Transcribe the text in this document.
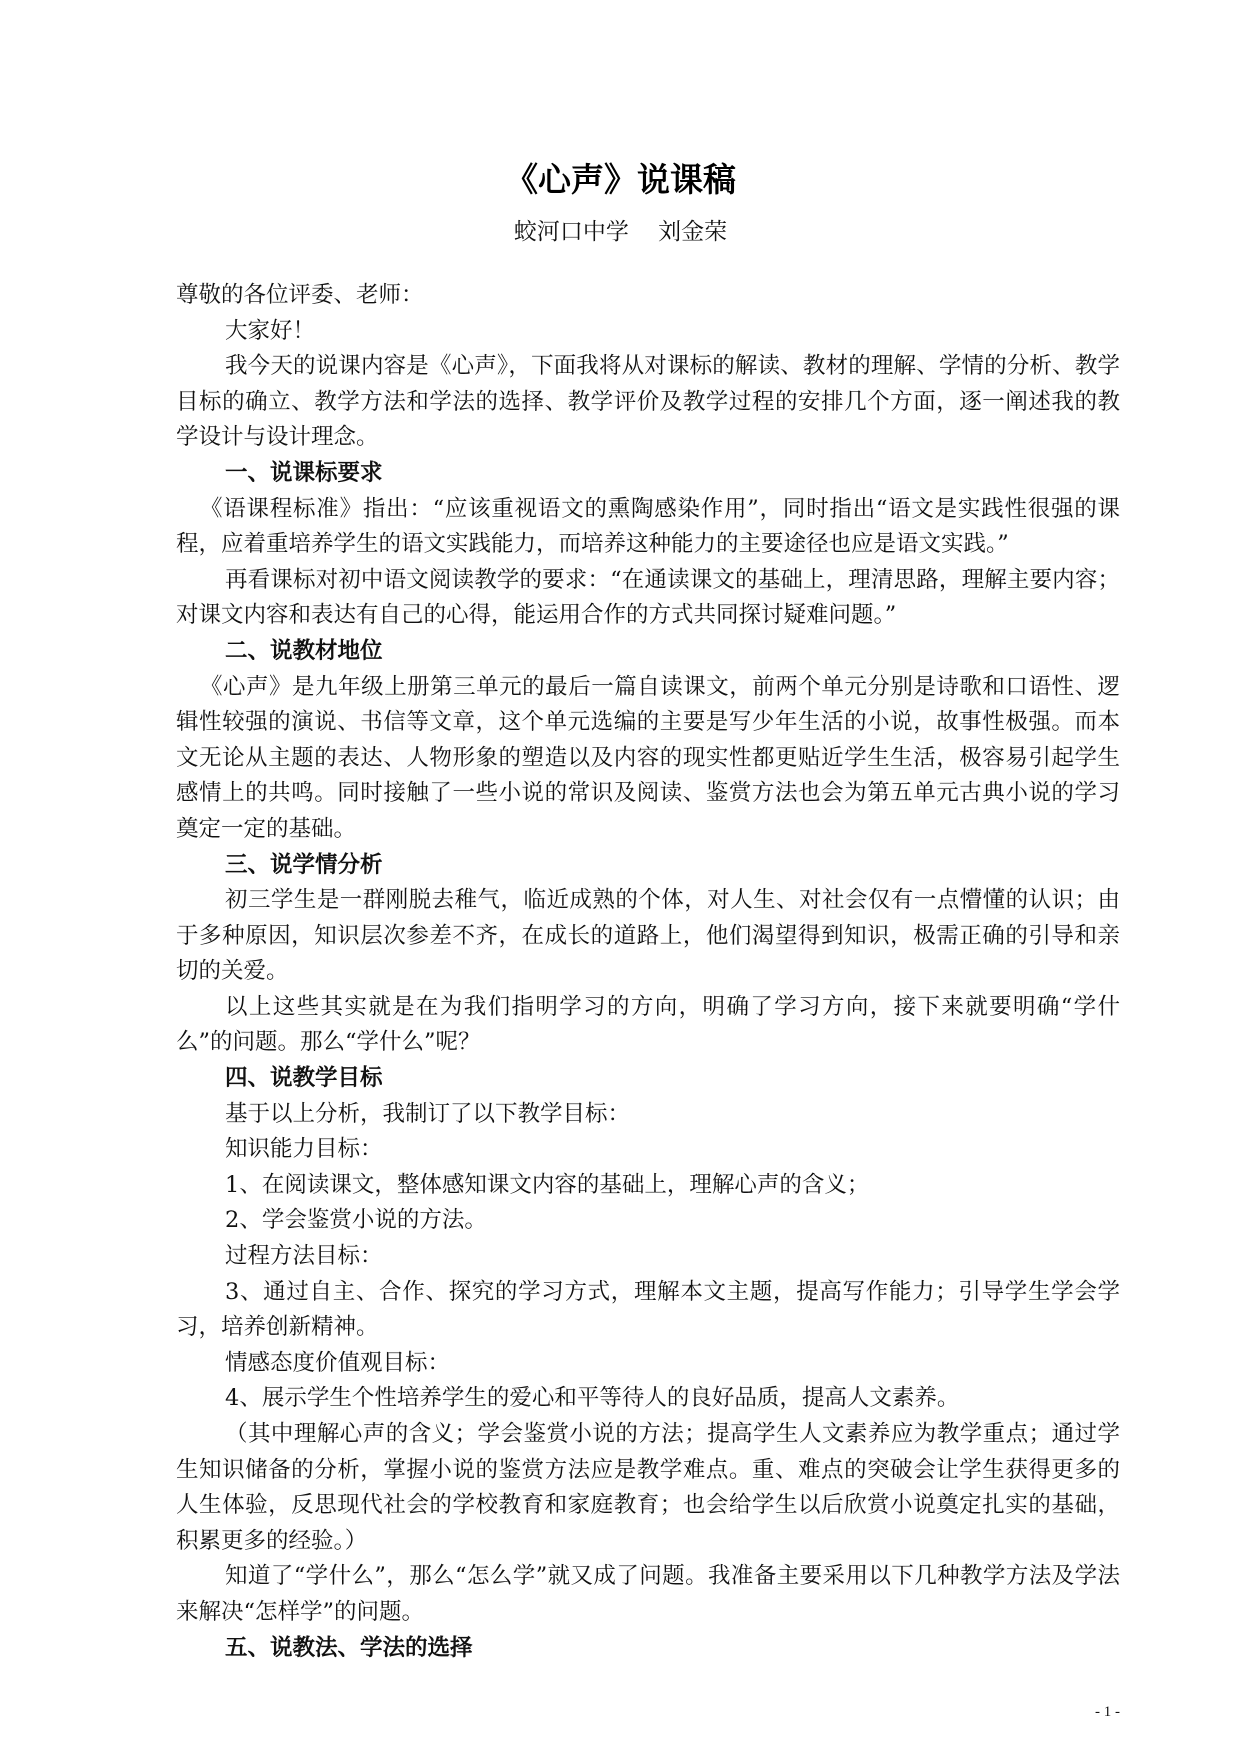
《心声》说课稿
蛟河口中学    刘金荣

尊敬的各位评委、老师：

大家好！

我今天的说课内容是《心声》，下面我将从对课标的解读、教材的理解、学情的分析、教学目标的确立、教学方法和学法的选择、教学评价及教学过程的安排几个方面，逐一阐述我的教学设计与设计理念。

一、说课标要求

《语课程标准》指出：“应该重视语文的熏陶感染作用”，同时指出“语文是实践性很强的课程，应着重培养学生的语文实践能力，而培养这种能力的主要途径也应是语文实践。”

再看课标对初中语文阅读教学的要求：“在通读课文的基础上，理清思路，理解主要内容；对课文内容和表达有自己的心得，能运用合作的方式共同探讨疑难问题。”

二、说教材地位

《心声》是九年级上册第三单元的最后一篇自读课文，前两个单元分别是诗歌和口语性、逻辑性较强的演说、书信等文章，这个单元选编的主要是写少年生活的小说，故事性极强。而本文无论从主题的表达、人物形象的塑造以及内容的现实性都更贴近学生生活，极容易引起学生感情上的共鸣。同时接触了一些小说的常识及阅读、鉴赏方法也会为第五单元古典小说的学习奠定一定的基础。

三、说学情分析

初三学生是一群刚脱去稚气，临近成熟的个体，对人生、对社会仅有一点懵懂的认识；由于多种原因，知识层次参差不齐，在成长的道路上，他们渴望得到知识，极需正确的引导和亲切的关爱。

以上这些其实就是在为我们指明学习的方向，明确了学习方向，接下来就要明确“学什么”的问题。那么“学什么”呢？

四、说教学目标

基于以上分析，我制订了以下教学目标：

知识能力目标：

1、在阅读课文，整体感知课文内容的基础上，理解心声的含义；

2、学会鉴赏小说的方法。

过程方法目标：

3、通过自主、合作、探究的学习方式，理解本文主题，提高写作能力；引导学生学会学习，培养创新精神。

情感态度价值观目标：

4、展示学生个性培养学生的爱心和平等待人的良好品质，提高人文素养。

（其中理解心声的含义；学会鉴赏小说的方法；提高学生人文素养应为教学重点；通过学生知识储备的分析，掌握小说的鉴赏方法应是教学难点。重、难点的突破会让学生获得更多的人生体验，反思现代社会的学校教育和家庭教育；也会给学生以后欣赏小说奠定扎实的基础，积累更多的经验。）

知道了“学什么”，那么“怎么学”就又成了问题。我准备主要采用以下几种教学方法及学法来解决“怎样学”的问题。

五、说教法、学法的选择

- 1 -
